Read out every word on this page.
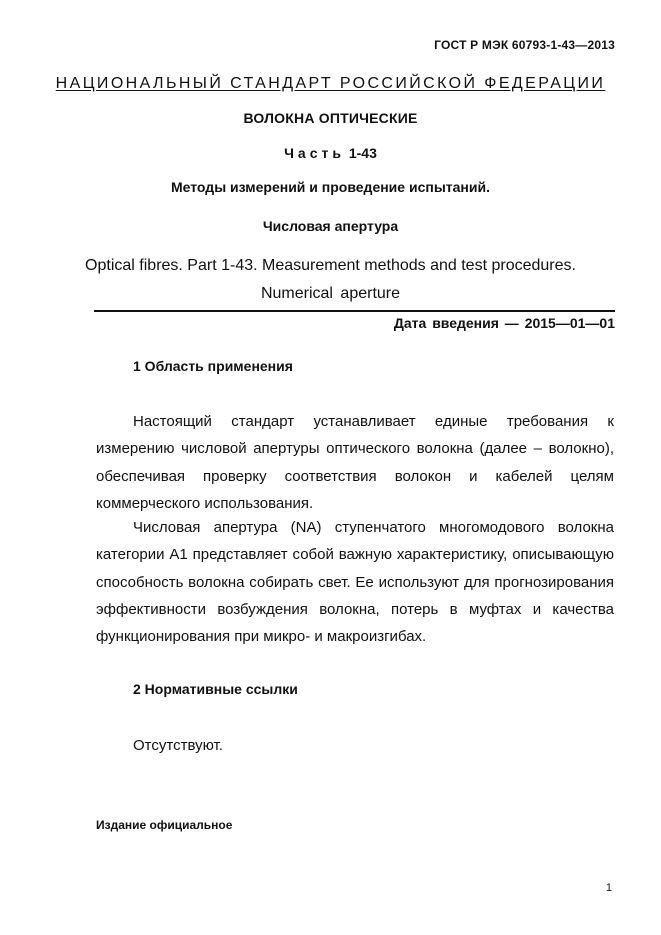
ГОСТ Р МЭК 60793-1-43—2013
НАЦИОНАЛЬНЫЙ СТАНДАРТ РОССИЙСКОЙ ФЕДЕРАЦИИ
ВОЛОКНА ОПТИЧЕСКИЕ
Часть 1-43
Методы измерений и проведение испытаний.
Числовая апертура
Optical fibres. Part 1-43. Measurement methods and test procedures.
Numerical aperture
Дата введения — 2015—01—01
1 Область применения

Настоящий стандарт устанавливает единые требования к измерению числовой апертуры оптического волокна (далее – волокно), обеспечивая проверку соответствия волокон и кабелей целям коммерческого использования.

Числовая апертура (NA) ступенчатого многомодового волокна категории A1 представляет собой важную характеристику, описывающую способность волокна собирать свет. Ее используют для прогнозирования эффективности возбуждения волокна, потерь в муфтах и качества функционирования при микро- и макроизгибах.

2 Нормативные ссылки

Отсутствуют.

Издание официальное
1
